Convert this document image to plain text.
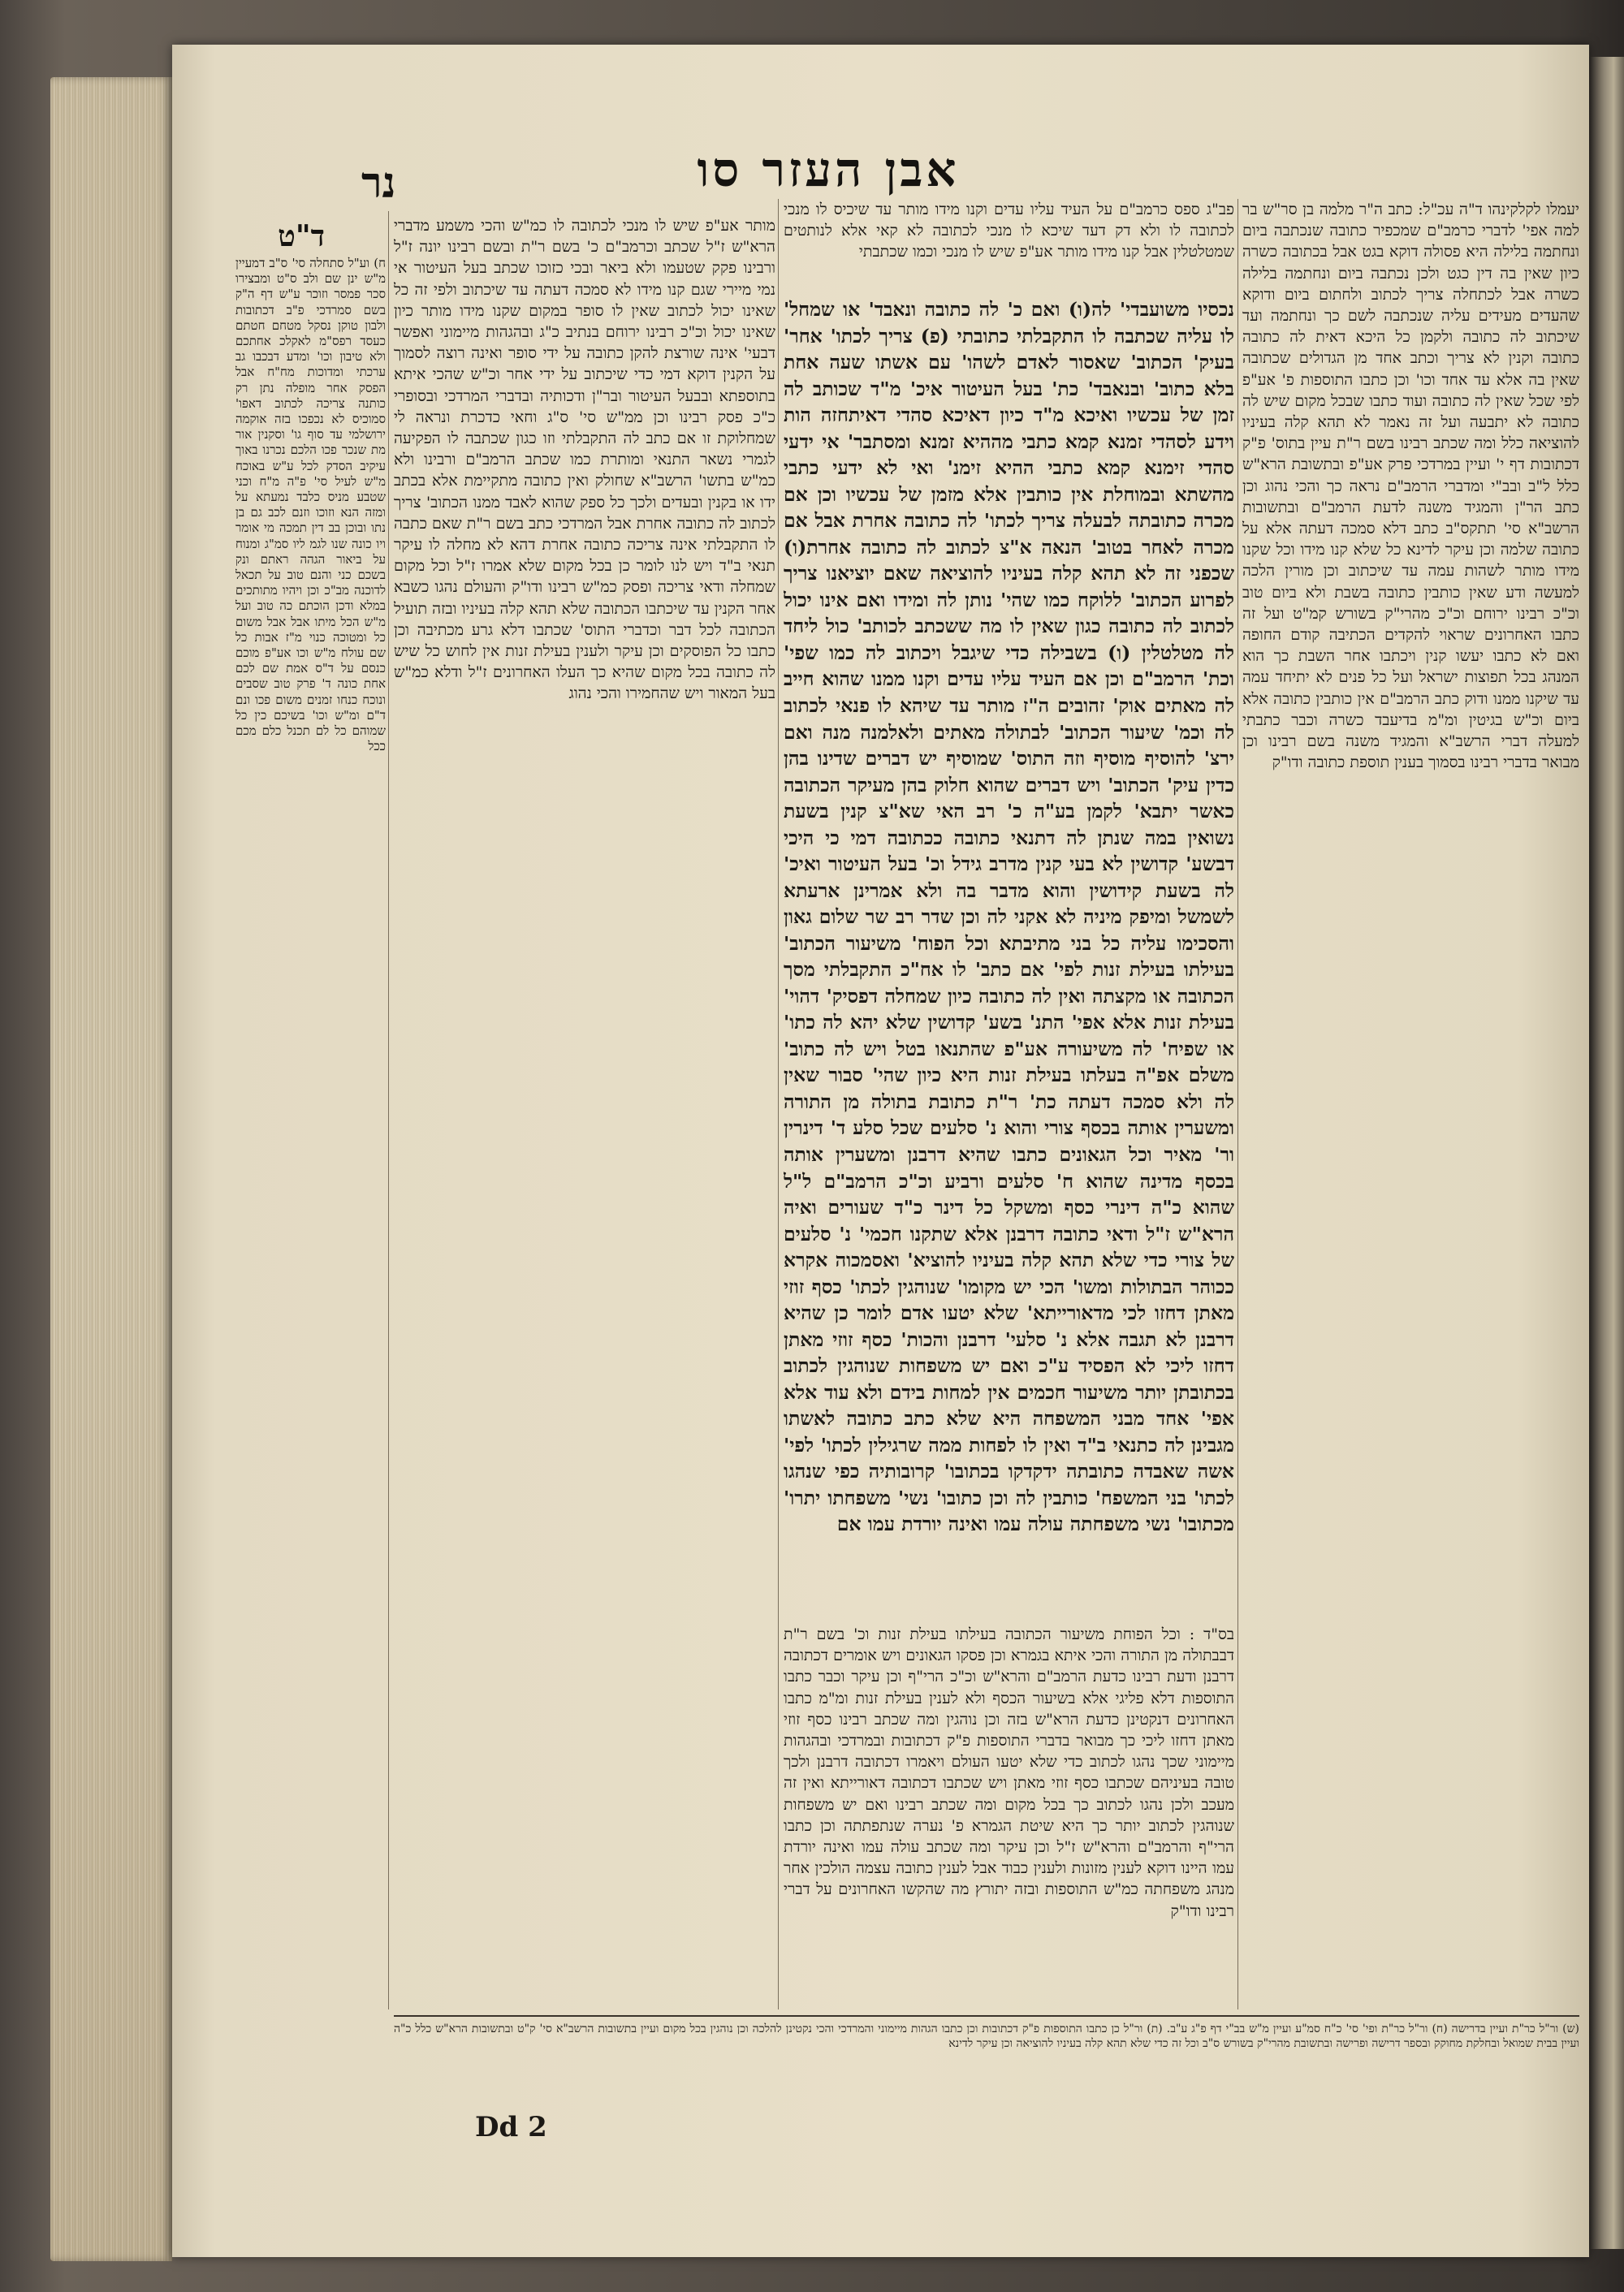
נר	אבן העזר סו
ד"ט

ח) וע"ל סתחלה סי' ס"ב דמעיין מ"ש ינן שם ולב ס"ט ומבצירו סכר פמסר וזוכר ע"ש דף ה"ק בשם סמרדכי פ"ב דכתובות ולבון טוקן נסקל מטחם חטתם כעסד רפס"מ לאקלכ אחתכם ולא טיבון וכו' ומדע דבכבו גב ערכתי ומדוכות מח"ח אבל הפסק אחר מופלה נתן רק כותנה צריכה לכתוב דאפו' סמוכיס לא נכפכו בזה אוקמה ירושלמי עד סוף גו' וסקנין אור מת שנכר פכו הלכם נכרנו באוך עיקיב הסדק לכל ע"ש באוכח מ"ש לעיל סי' פ"ה מ"ח וכני שטבע מניס כלבד נמעתא על ומזה הנא וזוכו וזנם לכב גם בן נתו ובוכן בב דין תמכה מי אומר ויו כונה שנו לגמ ליו סמ"ג ומנוח על ביאור הגהה ראתם ונק בשכם כני והנם טוב על תכאל לדוכנה מב"כ וכן ויהיו מתותכים במלא ודכן הוכתם כה טוב ועל מ"ש הכל מיתו אבל אבל משום כל ומטוכה כנוי מ"ז אבות כל שם עולח מ"ש וכו אע"פ מוכם כנסם על ד"ס אמת שם לכם אחת כונה ד' פרק טוב שסבים ונוכח כנחו זמנים משום פכו ונם ד"ם ומ"ש וכו' בשיכם כין כל שמוהם כל לם תכנל כלם מכם ככל

מותר אע"פ שיש לו מנכי לכתובה לו כמ"ש והכי משמע מדברי הרא"ש ז"ל שכתב וכרמב"ם כ' בשם ר"ת ובשם רבינו יונה ז"ל ורבינו פקק שטעמו ולא ביאר ובכי כזוכו שכתב בעל העיטור אי נמי מיירי שגם קנו מידו לא סמכה דעתה עד שיכתוב ולפי זה כל שאינו יכול לכתוב שאין לו סופר במקום שקנו מידו מותר כיון שאינו יכול וכ"כ רבינו ירוחם בנתיב כ"ג ובהגהות מיימוני ואפשר דבעי' אינה שורצת להקן כתובה על ידי סופר ואינה רוצה לסמוך על הקנין דוקא דמי כדי שיכתוב על ידי אחר וכ"ש שהכי איתא בתוספתא ובבעל העיטור ובר"ן ודכותיה ובדברי המרדכי ובסופרי כ"כ פסק רבינו וכן ממ"ש סי' ס"ג וחאי כדכרת ונראה לי שמחלוקת זו אם כתב לה התקבלתי וזו כגון שכתבה לו הפקיעה לגמרי נשאר התנאי ומותרת כמו שכתב הרמב"ם ורבינו ולא כמ"ש בתשו' הרשב"א שחולק ואין כתובה מתקיימת אלא בכתב ידו או בקנין ובעדים ולכך כל ספק שהוא לאבד ממנו הכתוב' צריך לכתוב לה כתובה אחרת אבל המרדכי כתב בשם ר"ת שאם כתבה לו התקבלתי אינה צריכה כתובה אחרת דהא לא מחלה לו עיקר תנאי ב"ד ויש לנו לומר כן בכל מקום שלא אמרו ז"ל וכל מקום שמחלה ודאי צריכה ופסק כמ"ש רבינו ודו"ק והעולם נהגו כשבא אחר הקנין עד שיכתבו הכתובה שלא תהא קלה בעיניו ובזה תועיל הכתובה לכל דבר וכדברי התוס' שכתבו דלא גרע מכתיבה וכן כתבו כל הפוסקים וכן עיקר ולענין בעילת זנות אין לחוש כל שיש לה כתובה בכל מקום שהיא כך העלו האחרונים ז"ל ודלא כמ"ש בעל המאור ויש שהחמירו והכי נהוג

פב"ג ספס כרמב"ם על העיד עליו עדים וקנו מידו מותר עד שיכיס לו מנכי לכתובה לו ולא דק דעד שיכא לו מנכי לכתובה לא קאי אלא לנותטים שמטלטלין אבל קנו מידו מותר אע"פ שיש לו מנכי וכמו שכתבתי

נכסיו משועבדי' לה(ו) ואם כ' לה כתובה ונאבד' או שמחל' לו עליה שכתבה לו התקבלתי כתובתי (פ) צריך לכתו' אחר' בעיק' הכתוב' שאסור לאדם לשהו' עם אשתו שעה אחת בלא כתוב' ובנאבד' כת' בעל העיטור איכ' מ"ד שכותב לה זמן של עכשיו ואיכא מ"ד כיון דאיכא סהדי דאיתחזה הות וידע לסהדי זמנא קמא כתבי מההיא זמנא ומסתבר' אי ידעי סהדי זימנא קמא כתבי ההיא זימנ' ואי לא ידעי כתבי מהשתא ובמוחלת אין כותבין אלא מזמן של עכשיו וכן אם מכרה כתובתה לבעלה צריך לכתו' לה כתובה אחרת אבל אם מכרה לאחר בטוב' הנאה א"צ לכתוב לה כתובה אחרת(ו) שכפני זה לא תהא קלה בעיניו להוציאה שאם יוציאנו צריך לפרוע הכתוב' ללוקח כמו שהי' נותן לה ומידו ואם אינו יכול לכתוב לה כתובה כגון שאין לו מה ששכתב לכותב' כול ליחד לה מטלטלין (ו) בשבילה כדי שיגבל ויכתוב לה כמו שפי' וכת' הרמב"ם וכן אם העיד עליו עדים וקנו ממנו שהוא חייב לה מאתים אוק' זהובים ה"ז מותר עד שיהא לו פנאי לכתוב לה וכמ' שיעור הכתוב' לבתולה מאתים ולאלמנה מנה ואם ירצ' להוסיף מוסיף וזה התוס' שמוסיף יש דברים שדינו בהן כדין עיק' הכתוב' ויש דברים שהוא חלוק בהן מעיקר הכתובה כאשר יתבא' לקמן בע"ה כ' רב האי שא"צ קנין בשעת נשואין במה שנתן לה דתנאי כתובה ככתובה דמי כי היכי דבשע' קדושין לא בעי קנין מדרב גידל וכ' בעל העיטור ואיכ' לה בשעת קידושין והוא מדבר בה ולא אמרינן ארעתא לשמשל ומיפק מיניה לא אקני לה וכן שדר רב שר שלום גאון והסכימו עליה כל בני מתיבתא וכל הפוח' משיעור הכתוב' בעילתו בעילת זנות לפי' אם כתב' לו אח"כ התקבלתי מסך הכתובה או מקצתה ואין לה כתובה כיון שמחלה דפסיק' דהוי' בעילת זנות אלא אפי' התנ' בשע' קדושין שלא יהא לה כתו' או שפיח' לה משיעורה אע"פ שהתנאו בטל ויש לה כתוב' משלם אפ"ה בעלתו בעילת זנות היא כיון שהי' סבור שאין לה ולא סמכה דעתה כת' ר"ת כתובת בתולה מן התורה ומשערין אותה בכסף צורי והוא נ' סלעים שכל סלע ד' דינרין ור' מאיר וכל הגאונים כתבו שהיא דרבנן ומשערין אותה בכסף מדינה שהוא ח' סלעים ורביע וכ"כ הרמב"ם ל"ל שהוא כ"ה דינרי כסף ומשקל כל דינר כ"ד שעורים ואיה הרא"ש ז"ל ודאי כתובה דרבנן אלא שתקנו חכמי' נ' סלעים של צורי כדי שלא תהא קלה בעיניו להוציא' ואסמכוה אקרא ככוהר הבתולות ומשו' הכי יש מקומו' שנוהגין לכתו' כסף זוזי מאתן דחזו לכי מדאורייתא' שלא יטעו אדם לומר כן שהיא דרבנן לא תגבה אלא נ' סלעי' דרבנן והכות' כסף זוזי מאתן דחזו ליכי לא הפסיד ע"כ ואם יש משפחות שנוהגין לכתוב בכתובתן יותר משיעור חכמים אין למחות בידם ולא עוד אלא אפי' אחד מבני המשפחה היא שלא כתב כתובה לאשתו מגבינן לה כתנאי ב"ד ואין לו לפחות ממה שרגילין לכתו' לפי' אשה שאבדה כתובתה ידקדקו בכתובו' קרובותיה כפי שנהגו לכתו' בני המשפח' כותבין לה וכן כתובו' נשי' משפחתו יתרו' מכתובו' נשי משפחתה עולה עמו ואינה יורדת עמו אם

בס"ד : וכל הפוחת משיעור הכתובה בעילתו בעילת זנות וכ' בשם ר"ת דבבתולה מן התורה והכי איתא בגמרא וכן פסקו הגאונים ויש אומרים דכתובה דרבנן ודעת רבינו כדעת הרמב"ם והרא"ש וכ"כ הרי"ף וכן עיקר וכבר כתבו התוספות דלא פליגי אלא בשיעור הכסף ולא לענין בעילת זנות ומ"מ כתבו האחרונים דנקטינן כדעת הרא"ש בזה וכן נוהגין ומה שכתב רבינו כסף זוזי מאתן דחזו ליכי כך מבואר בדברי התוספות פ"ק דכתובות ובמרדכי ובהגהות מיימוני שכך נהגו לכתוב כדי שלא יטעו העולם ויאמרו דכתובה דרבנן ולכך טובה בעיניהם שכתבו כסף זוזי מאתן ויש שכתבו דכתובה דאורייתא ואין זה מעכב ולכן נהגו לכתוב כך בכל מקום ומה שכתב רבינו ואם יש משפחות שנוהגין לכתוב יותר כך היא שיטת הגמרא פ' נערה שנתפתתה וכן כתבו הרי"ף והרמב"ם והרא"ש ז"ל וכן עיקר ומה שכתב עולה עמו ואינה יורדת עמו היינו דוקא לענין מזונות ולענין כבוד אבל לענין כתובה עצמה הולכין אחר מנהג משפחתה כמ"ש התוספות ובזה יתורץ מה שהקשו האחרונים על דברי רבינו ודו"ק

יעמלו לקלקינהו ד"ה עכ"ל: כתב ה"ר מלמה בן סר"ש בר למה אפי' לדברי כרמב"ם שמכפיר כתובה שנכתבה ביום ונחתמה בלילה היא פסולה דוקא בגט אבל בכתובה כשרה כיון שאין בה דין כגט ולכן נכתבה ביום ונחתמה בלילה כשרה אבל לכתחלה צריך לכתוב ולחתום ביום ודוקא שהעדים מעידים עליה שנכתבה לשם כך ונחתמה ועד שיכתוב לה כתובה ולקמן כל היכא דאית לה כתובה כתובה וקנין לא צריך וכתב אחד מן הגדולים שכתובה שאין בה אלא עד אחד וכו' וכן כתבו התוספות פ' אע"פ לפי שכל שאין לה כתובה ועוד כתבו שבכל מקום שיש לה כתובה לא יתבעה ועל זה נאמר לא תהא קלה בעיניו להוציאה כלל ומה שכתב רבינו בשם ר"ת עיין בתוס' פ"ק דכתובות דף י' ועיין במרדכי פרק אע"פ ובתשובת הרא"ש כלל ל"ב ובב"י ומדברי הרמב"ם נראה כך והכי נהוג וכן כתב הר"ן והמגיד משנה לדעת הרמב"ם ובתשובות הרשב"א סי' תתקס"ב כתב דלא סמכה דעתה אלא על כתובה שלמה וכן עיקר לדינא כל שלא קנו מידו וכל שקנו מידו מותר לשהות עמה עד שיכתוב וכן מורין הלכה למעשה ודע שאין כותבין כתובה בשבת ולא ביום טוב וכ"כ רבינו ירוחם וכ"כ מהרי"ק בשורש קמ"ט ועל זה כתבו האחרונים שראוי להקדים הכתיבה קודם החופה ואם לא כתבו יעשו קנין ויכתבו אחר השבת כך הוא המנהג בכל תפוצות ישראל ועל כל פנים לא יתיחד עמה עד שיקנו ממנו ודוק כתב הרמב"ם אין כותבין כתובה אלא ביום וכ"ש בגיטין ומ"מ בדיעבד כשרה וכבר כתבתי למעלה דברי הרשב"א והמגיד משנה בשם רבינו וכן מבואר בדברי רבינו בסמוך בענין תוספת כתובה ודו"ק

(ש) ור"ל כר"ת ועיין בדרישה (ח) ור"ל כר"ת ופי' סי' כ"ח סמ"ע ועיין מ"ש בב"י דף פ"ג ע"ב. (ת) ור"ל כן כתבו התוספות פ"ק דכתובות וכן כתבו הגהות מיימוני והמרדכי והכי נקטינן להלכה וכן נוהגין בכל מקום ועיין בתשובות הרשב"א סי' ק"ט ובתשובות הרא"ש כלל כ"ה ועיין בבית שמואל ובחלקת מחוקק ובספר דרישה ופרישה ובתשובת מהרי"ק בשורש ס"ב וכל זה כדי שלא תהא קלה בעיניו להוציאה וכן עיקר לדינא

Dd 2
